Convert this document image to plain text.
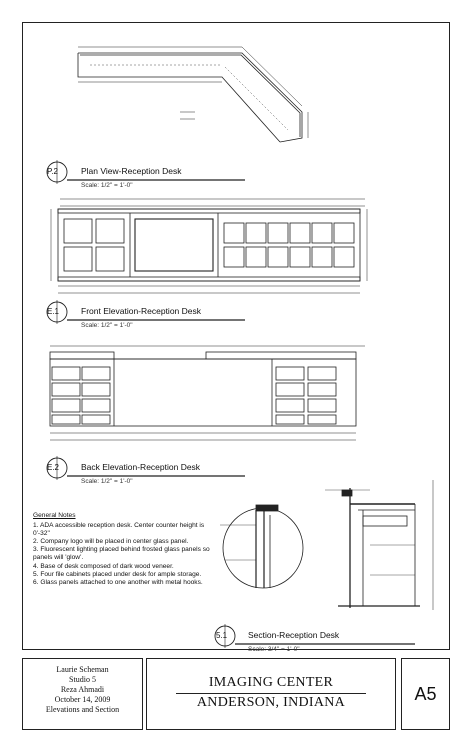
P.2	Plan View-Reception Desk
Scale: 1/2" = 1'-0"
E.1	Front Elevation-Reception Desk
Scale: 1/2" = 1'-0"
E.2	Back Elevation-Reception Desk
Scale: 1/2" = 1'-0"
5.1 Section-Reception Desk
Scale: 3/4" = 1'-0"
General Notes
1. ADA accessible reception desk. Center counter height is 0'-32"
2. Company logo will be placed in center glass panel.
3. Fluorescent lighting placed behind frosted glass panels so panels will 'glow'.
4. Base of desk composed of dark wood veneer.
5. Four file cabinets placed under desk for ample storage.
6. Glass panels attached to one another with metal hooks.
Laurie Scheman
Studio 5
Reza Ahmadi
October 14, 2009
Elevations and Section
IMAGING CENTER
ANDERSON, INDIANA	A5
